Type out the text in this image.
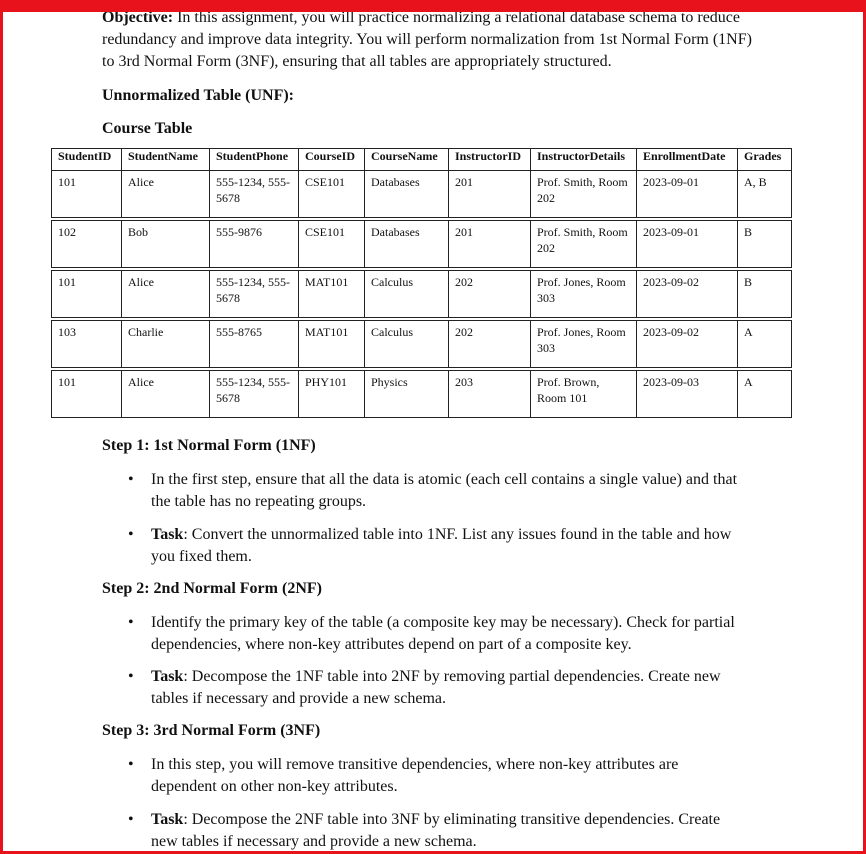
Objective: In this assignment, you will practice normalizing a relational database schema to reduce redundancy and improve data integrity. You will perform normalization from 1st Normal Form (1NF) to 3rd Normal Form (3NF), ensuring that all tables are appropriately structured.
Unnormalized Table (UNF):
Course Table
StudentID	StudentName	StudentPhone	CourseID	CourseName	InstructorID	InstructorDetails	EnrollmentDate	Grades
101	Alice	555-1234, 555-5678	CSE101	Databases	201	Prof. Smith, Room 202	2023-09-01	A, B

102	Bob	555-9876	CSE101	Databases	201	Prof. Smith, Room 202	2023-09-01	B

101	Alice	555-1234, 555-5678	MAT101	Calculus	202	Prof. Jones, Room 303	2023-09-02	B

103	Charlie	555-8765	MAT101	Calculus	202	Prof. Jones, Room 303	2023-09-02	A

101	Alice	555-1234, 555-5678	PHY101	Physics	203	Prof. Brown, Room 101	2023-09-03	A
Step 1: 1st Normal Form (1NF)
•	In the first step, ensure that all the data is atomic (each cell contains a single value) and that the table has no repeating groups.
•	Task: Convert the unnormalized table into 1NF. List any issues found in the table and how you fixed them.
Step 2: 2nd Normal Form (2NF)
•	Identify the primary key of the table (a composite key may be necessary). Check for partial dependencies, where non-key attributes depend on part of a composite key.
•	Task: Decompose the 1NF table into 2NF by removing partial dependencies. Create new tables if necessary and provide a new schema.
Step 3: 3rd Normal Form (3NF)
•	In this step, you will remove transitive dependencies, where non-key attributes are dependent on other non-key attributes.
•	Task: Decompose the 2NF table into 3NF by eliminating transitive dependencies. Create new tables if necessary and provide a new schema.
